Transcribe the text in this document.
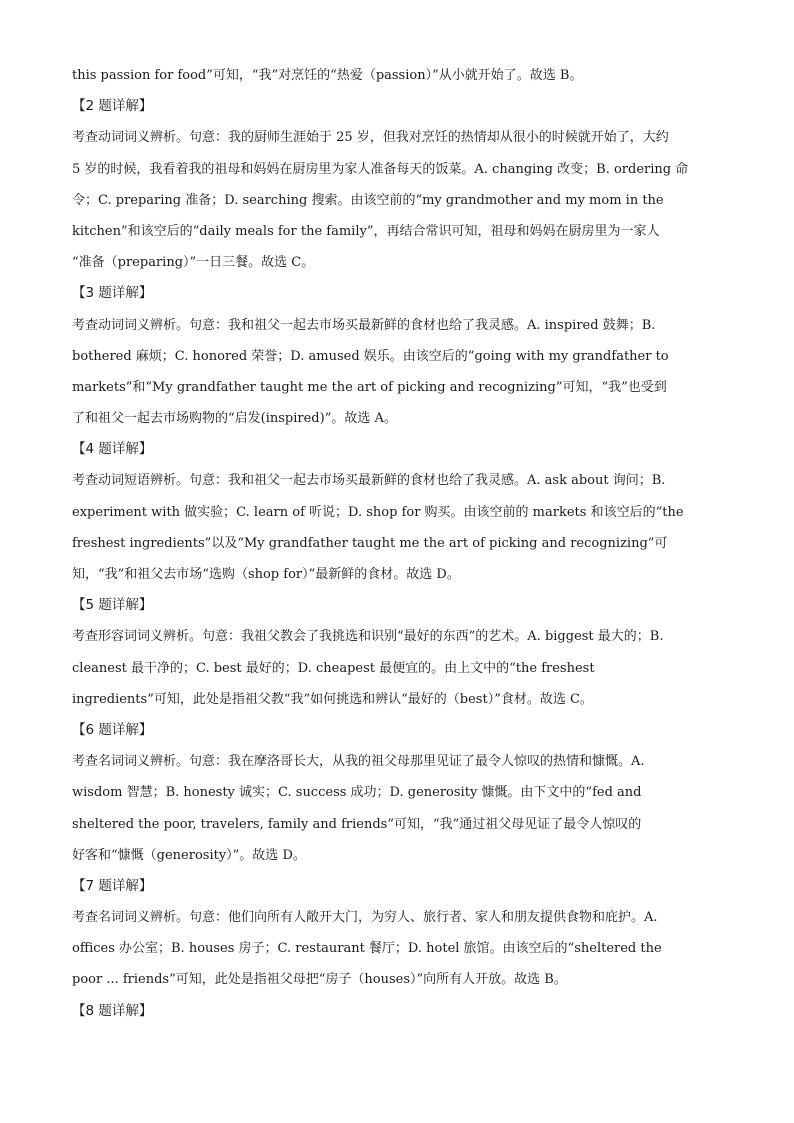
this passion for food”可知，“我”对烹饪的“热爱（passion）”从小就开始了。故选 B。
【2 题详解】
考查动词词义辨析。句意：我的厨师生涯始于 25 岁，但我对烹饪的热情却从很小的时候就开始了，大约
5 岁的时候，我看着我的祖母和妈妈在厨房里为家人准备每天的饭菜。A. changing 改变；B. ordering 命
令；C. preparing 准备；D. searching 搜索。由该空前的“my grandmother and my mom in the
kitchen”和该空后的“daily meals for the family”，再结合常识可知，祖母和妈妈在厨房里为一家人
“准备（preparing）”一日三餐。故选 C。
【3 题详解】
考查动词词义辨析。句意：我和祖父一起去市场买最新鲜的食材也给了我灵感。A. inspired 鼓舞；B.
bothered 麻烦；C. honored 荣誉；D. amused 娱乐。由该空后的“going with my grandfather to
markets”和“My grandfather taught me the art of picking and recognizing”可知，“我”也受到
了和祖父一起去市场购物的“启发(inspired)”。故选 A。
【4 题详解】
考查动词短语辨析。句意：我和祖父一起去市场买最新鲜的食材也给了我灵感。A. ask about 询问；B.
experiment with 做实验；C. learn of 听说；D. shop for 购买。由该空前的 markets 和该空后的“the
freshest ingredients”以及“My grandfather taught me the art of picking and recognizing”可
知，“我”和祖父去市场“选购（shop for）”最新鲜的食材。故选 D。
【5 题详解】
考查形容词词义辨析。句意：我祖父教会了我挑选和识别“最好的东西”的艺术。A. biggest 最大的；B.
cleanest 最干净的；C. best 最好的；D. cheapest 最便宜的。由上文中的“the freshest
ingredients”可知，此处是指祖父教“我”如何挑选和辨认“最好的（best）”食材。故选 C。
【6 题详解】
考查名词词义辨析。句意：我在摩洛哥长大，从我的祖父母那里见证了最令人惊叹的热情和慷慨。A.
wisdom 智慧；B. honesty 诚实；C. success 成功；D. generosity 慷慨。由下文中的“fed and
sheltered the poor, travelers, family and friends”可知，“我”通过祖父母见证了最令人惊叹的
好客和“慷慨（generosity）”。故选 D。
【7 题详解】
考查名词词义辨析。句意：他们向所有人敞开大门，为穷人、旅行者、家人和朋友提供食物和庇护。A.
offices 办公室；B. houses 房子；C. restaurant 餐厅；D. hotel 旅馆。由该空后的“sheltered the
poor ... friends”可知，此处是指祖父母把“房子（houses）”向所有人开放。故选 B。
【8 题详解】
